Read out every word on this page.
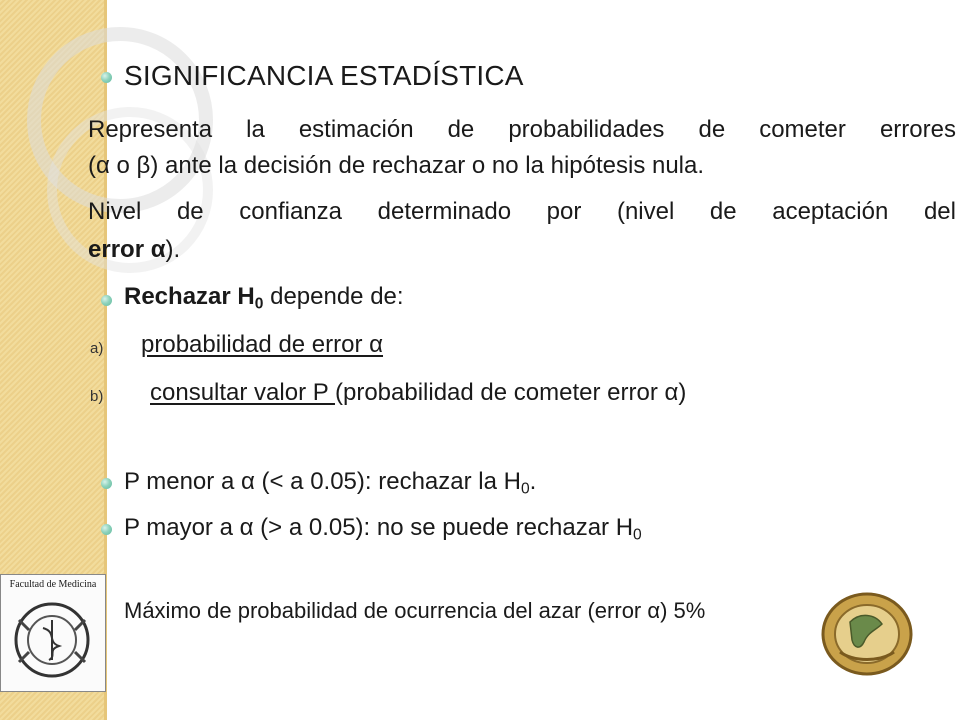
SIGNIFICANCIA ESTADÍSTICA
Representa la estimación de probabilidades de cometer errores
(α o β) ante la decisión de rechazar o no la hipótesis nula.
Nivel de confianza determinado por (nivel de aceptación del
error α).
Rechazar $H_0$ depende de:
a) probabilidad de error α
b) consultar valor P (probabilidad de cometer error α)
P menor a α (< a 0.05): rechazar la H0.
P mayor a α (> a 0.05): no se puede rechazar H0
Máximo de probabilidad de ocurrencia del azar (error α) 5%
Facultad de Medicina
